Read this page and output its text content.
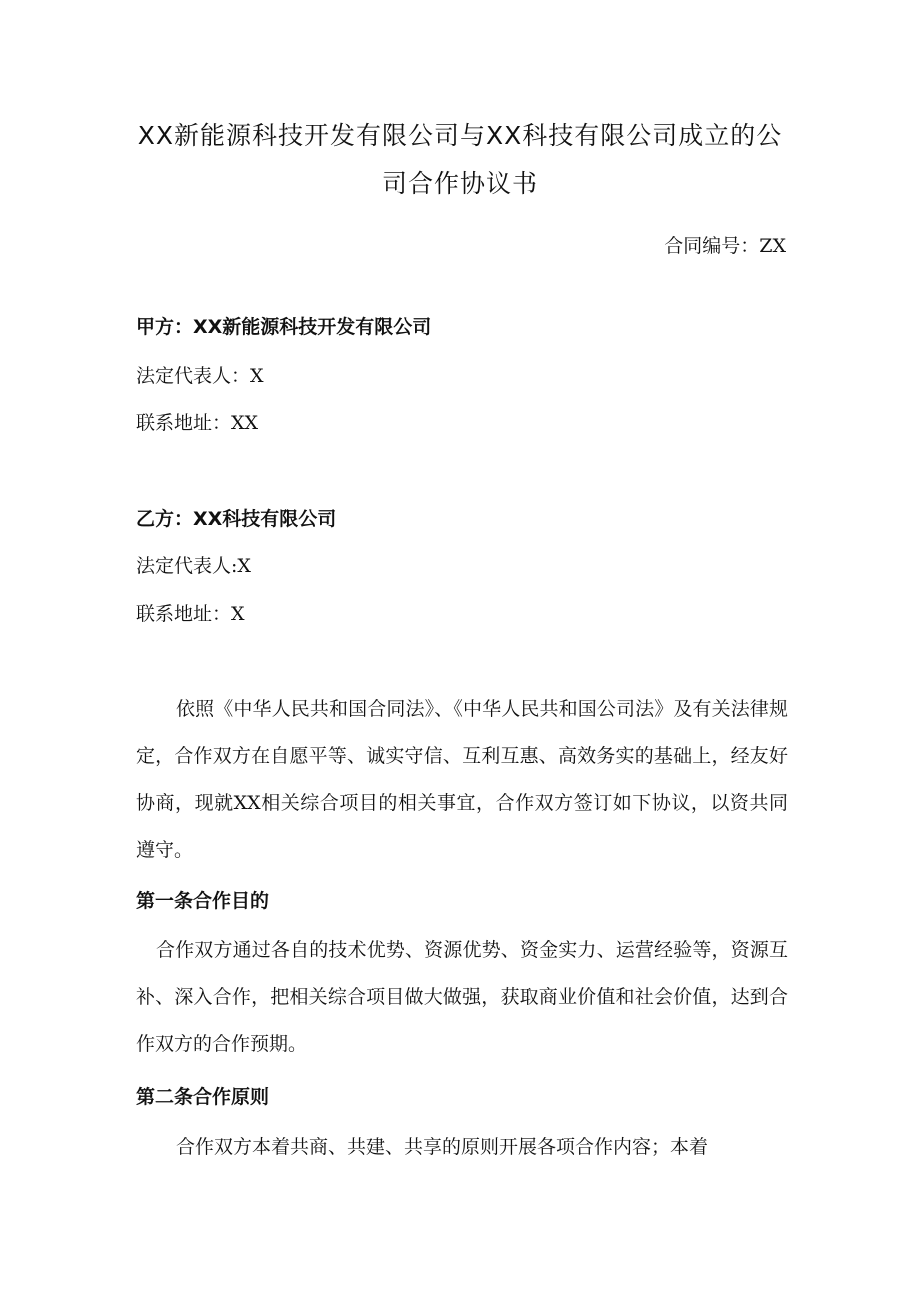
XX新能源科技开发有限公司与XX科技有限公司成立的公
司合作协议书
合同编号：ZX
甲方：XX新能源科技开发有限公司
法定代表人：X
联系地址：XX
乙方：XX科技有限公司
法定代表人:X
联系地址：X

依照《中华人民共和国合同法》、《中华人民共和国公司法》及有关法律规定，合作双方在自愿平等、诚实守信、互利互惠、高效务实的基础上，经友好协商，现就XX相关综合项目的相关事宜，合作双方签订如下协议，以资共同遵守。

第一条合作目的

合作双方通过各自的技术优势、资源优势、资金实力、运营经验等，资源互补、深入合作，把相关综合项目做大做强，获取商业价值和社会价值，达到合作双方的合作预期。

第二条合作原则

合作双方本着共商、共建、共享的原则开展各项合作内容；本着
